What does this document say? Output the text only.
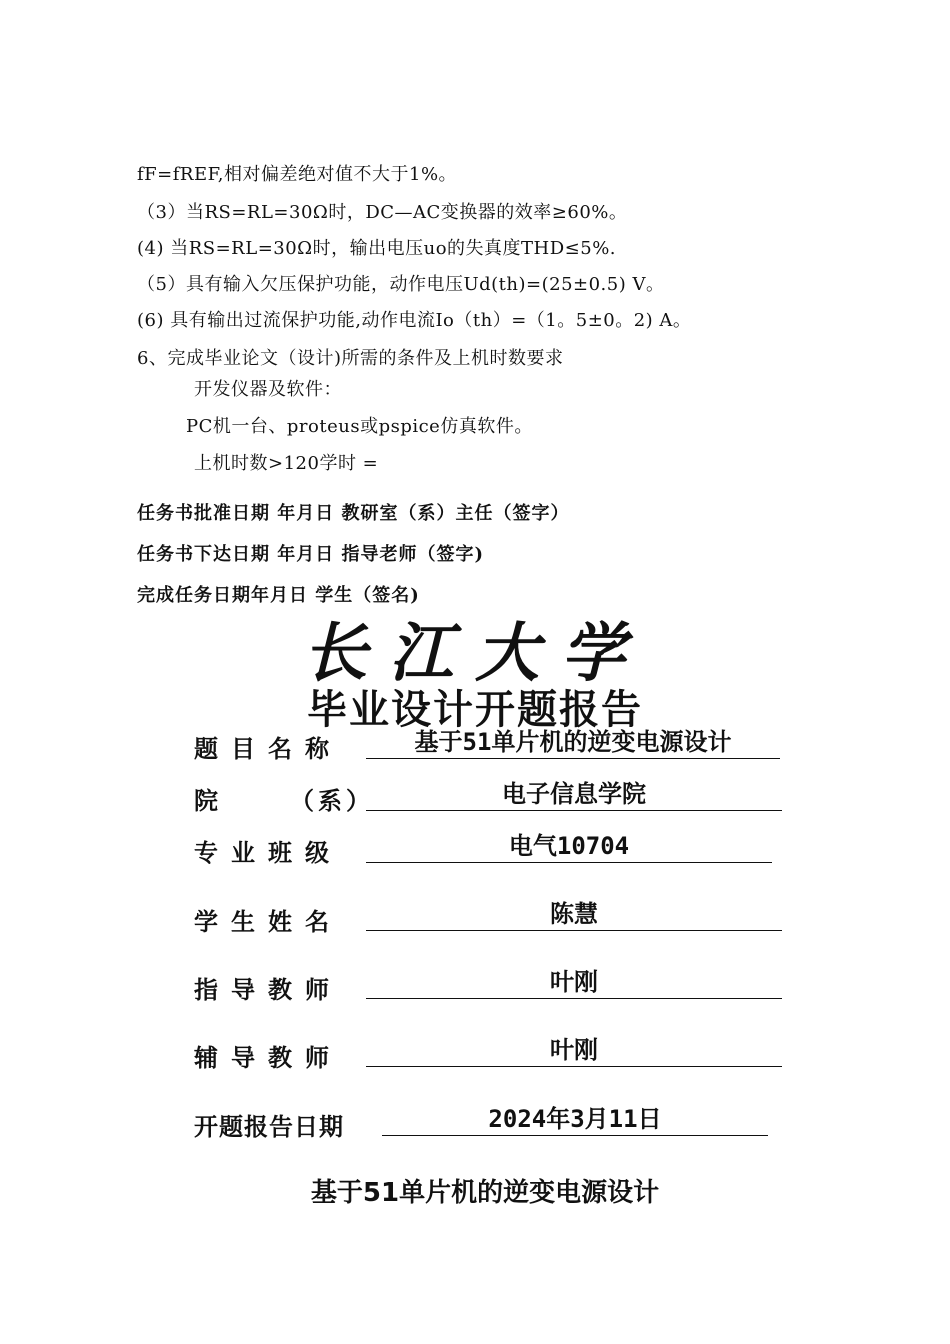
fF=fREF,相对偏差绝对值不大于1%。
（3）当RS=RL=30Ω时，DC—AC变换器的效率≥60%。
(4) 当RS=RL=30Ω时，输出电压uo的失真度THD≤5%.
（5）具有输入欠压保护功能，动作电压Ud(th)=(25±0.5) V。
(6) 具有输出过流保护功能,动作电流Io（th）=（1。5±0。2) A。
6、完成毕业论文（设计)所需的条件及上机时数要求
开发仪器及软件：
PC机一台、proteus或pspice仿真软件。
上机时数>120学时 =
任务书批准日期 年月日 教研室（系）主任（签字）
任务书下达日期 年月日 指导老师（签字)
完成任务日期年月日 学生（签名)
长江大学
毕业设计开题报告
题目名称	基于51单片机的逆变电源设计
院	（系）	电子信息学院
专业班级	电气10704
学生姓名	陈慧
指导教师	叶刚
辅导教师	叶刚
开题报告日期	2024年3月11日
基于51单片机的逆变电源设计
